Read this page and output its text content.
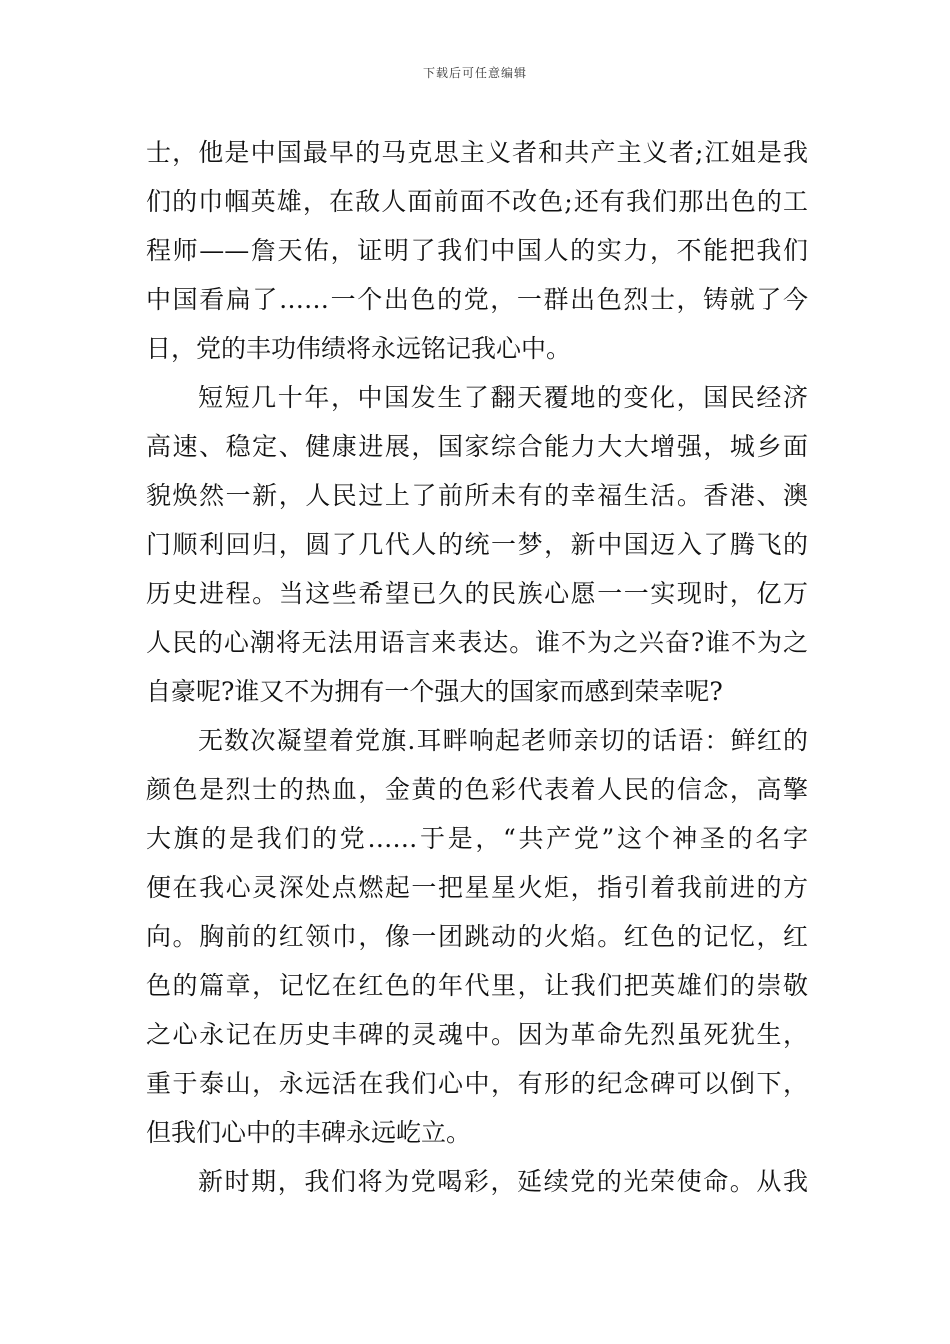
下载后可任意编辑
士，他是中国最早的马克思主义者和共产主义者;江姐是我
们的巾帼英雄，在敌人面前面不改色;还有我们那出色的工
程师——詹天佑，证明了我们中国人的实力，不能把我们
中国看扁了……一个出色的党，一群出色烈士，铸就了今
日，党的丰功伟绩将永远铭记我心中。
短短几十年，中国发生了翻天覆地的变化，国民经济
高速、稳定、健康进展，国家综合能力大大增强，城乡面
貌焕然一新，人民过上了前所未有的幸福生活。香港、澳
门顺利回归，圆了几代人的统一梦，新中国迈入了腾飞的
历史进程。当这些希望已久的民族心愿一一实现时，亿万
人民的心潮将无法用语言来表达。谁不为之兴奋?谁不为之
自豪呢?谁又不为拥有一个强大的国家而感到荣幸呢?
无数次凝望着党旗.耳畔响起老师亲切的话语：鲜红的
颜色是烈士的热血，金黄的色彩代表着人民的信念，高擎
大旗的是我们的党……于是，“共产党”这个神圣的名字
便在我心灵深处点燃起一把星星火炬，指引着我前进的方
向。胸前的红领巾，像一团跳动的火焰。红色的记忆，红
色的篇章，记忆在红色的年代里，让我们把英雄们的崇敬
之心永记在历史丰碑的灵魂中。因为革命先烈虽死犹生，
重于泰山，永远活在我们心中，有形的纪念碑可以倒下，
但我们心中的丰碑永远屹立。
新时期，我们将为党喝彩，延续党的光荣使命。从我
